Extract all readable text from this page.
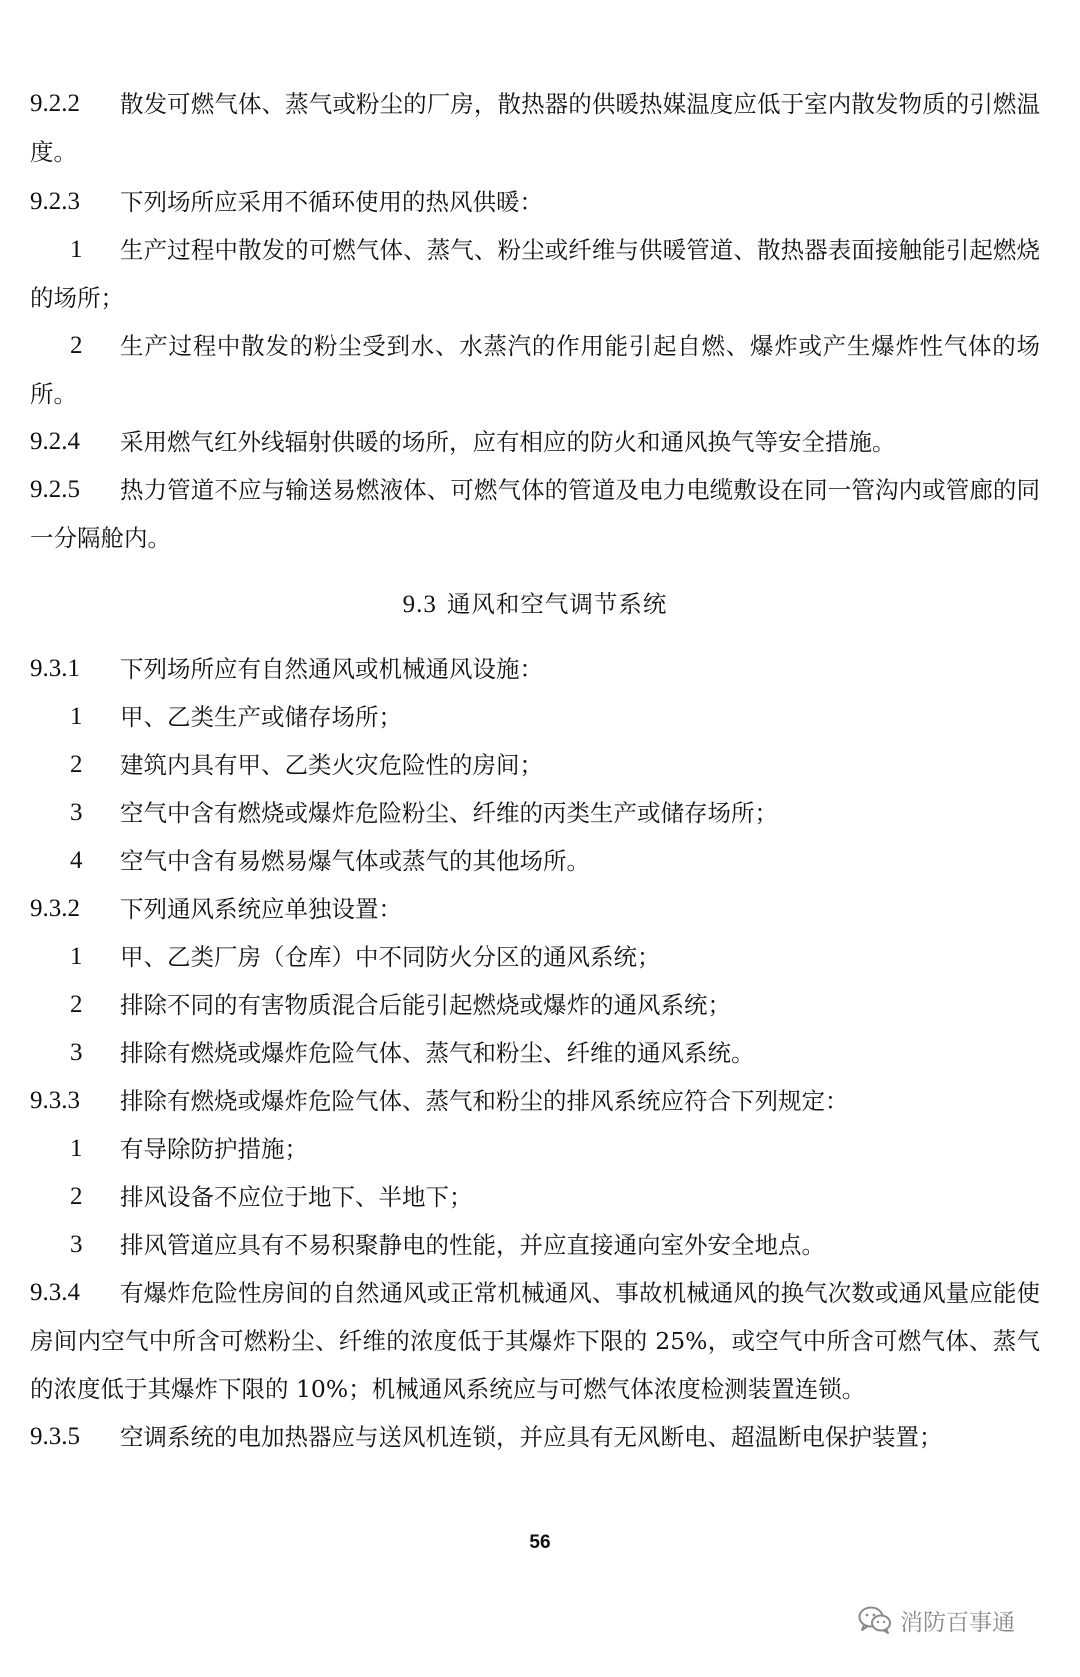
9.2.2	散发可燃气体、蒸气或粉尘的厂房，散热器的供暖热媒温度应低于室内散发物质的引燃温度。
9.2.3	下列场所应采用不循环使用的热风供暖：
1	生产过程中散发的可燃气体、蒸气、粉尘或纤维与供暖管道、散热器表面接触能引起燃烧的场所；
2	生产过程中散发的粉尘受到水、水蒸汽的作用能引起自燃、爆炸或产生爆炸性气体的场所。
9.2.4	采用燃气红外线辐射供暖的场所，应有相应的防火和通风换气等安全措施。
9.2.5	热力管道不应与输送易燃液体、可燃气体的管道及电力电缆敷设在同一管沟内或管廊的同一分隔舱内。
9.3 通风和空气调节系统
9.3.1	下列场所应有自然通风或机械通风设施：
1	甲、乙类生产或储存场所；
2	建筑内具有甲、乙类火灾危险性的房间；
3	空气中含有燃烧或爆炸危险粉尘、纤维的丙类生产或储存场所；
4	空气中含有易燃易爆气体或蒸气的其他场所。
9.3.2	下列通风系统应单独设置：
1	甲、乙类厂房（仓库）中不同防火分区的通风系统；
2	排除不同的有害物质混合后能引起燃烧或爆炸的通风系统；
3	排除有燃烧或爆炸危险气体、蒸气和粉尘、纤维的通风系统。
9.3.3	排除有燃烧或爆炸危险气体、蒸气和粉尘的排风系统应符合下列规定：
1	有导除防护措施；
2	排风设备不应位于地下、半地下；
3	排风管道应具有不易积聚静电的性能，并应直接通向室外安全地点。
9.3.4	有爆炸危险性房间的自然通风或正常机械通风、事故机械通风的换气次数或通风量应能使房间内空气中所含可燃粉尘、纤维的浓度低于其爆炸下限的 25%，或空气中所含可燃气体、蒸气的浓度低于其爆炸下限的 10%；机械通风系统应与可燃气体浓度检测装置连锁。
9.3.5	空调系统的电加热器应与送风机连锁，并应具有无风断电、超温断电保护装置；
56
消防百事通
